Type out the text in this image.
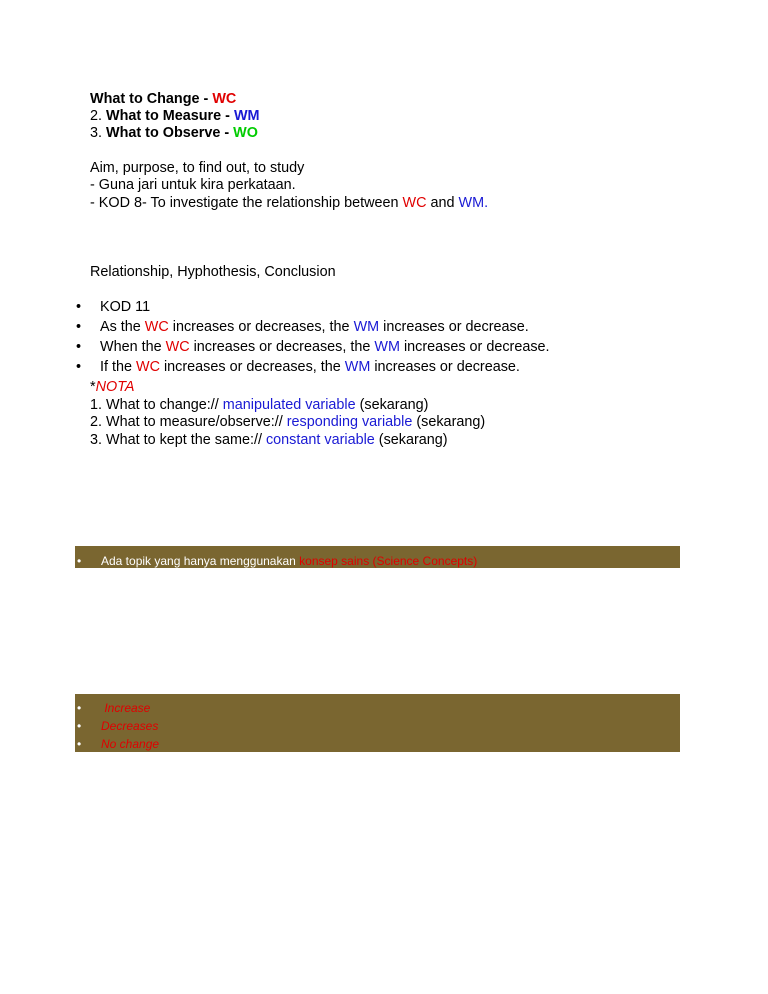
What to Change - WC
2. What to Measure - WM
3. What to Observe - WO
Aim, purpose, to find out, to study
- Guna jari untuk kira perkataan.
- KOD 8- To investigate the relationship between WC and WM.
Relationship, Hyphothesis, Conclusion
• KOD 11
• As the WC increases or decreases, the WM increases or decrease.
• When the WC increases or decreases, the WM increases or decrease.
• If the WC increases or decreases, the WM increases or decrease.
*NOTA
1. What to change:// manipulated variable (sekarang)
2. What to measure/observe:// responding variable (sekarang)
3. What to kept the same:// constant variable (sekarang)
• Ada topik yang hanya menggunakan konsep sains (Science Concepts)
• Increase
• Decreases
• No change
